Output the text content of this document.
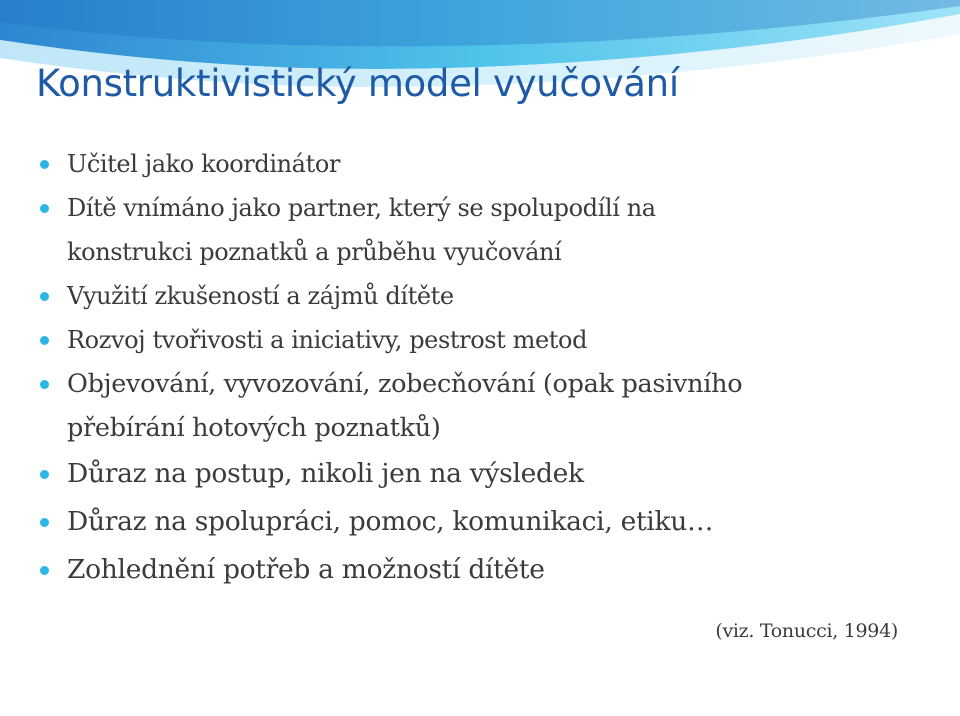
Konstruktivistický model vyučování
Učitel jako koordinátor
Dítě vnímáno jako partner, který se spolupodílí na
konstrukci poznatků a průběhu vyučování
Využití zkušeností a zájmů dítěte
Rozvoj tvořivosti a iniciativy, pestrost metod
Objevování, vyvozování, zobecňování (opak pasivního
přebírání hotových poznatků)
Důraz na postup, nikoli jen na výsledek
Důraz na spolupráci, pomoc, komunikaci, etiku…
Zohlednění potřeb a možností dítěte
(viz. Tonucci, 1994)
